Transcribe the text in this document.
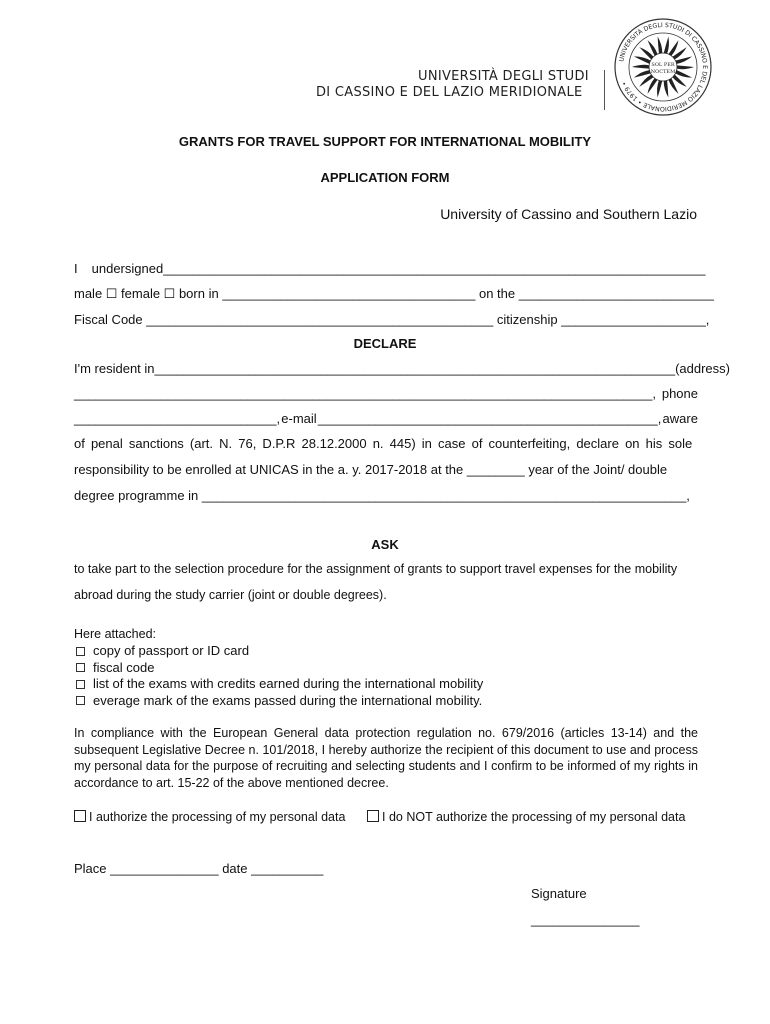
UNIVERSITÀ DEGLI STUDI
DI CASSINO E DEL LAZIO MERIDIONALE
UNIVERSITÀ DEGLI STUDI DI CASSINO E DEL LAZIO MERIDIONALE • 1979 •
SOL PER
NOCTEM
GRANTS FOR TRAVEL SUPPORT FOR INTERNATIONAL MOBILITY
APPLICATION FORM
University of Cassino and Southern Lazio
I undersigned ___________________________________________________________________________
male ☐ female ☐ born in ___________________________________ on the ___________________________
Fiscal Code ________________________________________________ citizenship ____________________,
DECLARE
I'm resident in ________________________________________________________________________ (address)
________________________________________________________________________________, phone
____________________________, e-mail _______________________________________________, aware
of penal sanctions (art. N. 76, D.P.R 28.12.2000 n. 445) in case of counterfeiting, declare on his sole
responsibility to be enrolled at UNICAS in the a. y. 2017-2018 at the ________ year of the Joint/ double
degree programme in ___________________________________________________________________,
ASK
to take part to the selection procedure for the assignment of grants to support travel expenses for the mobility
abroad during the study carrier (joint or double degrees).
Here attached:
copy of passport or ID card
fiscal code
list of the exams with credits earned during the international mobility
everage mark of the exams passed during the international mobility.
In compliance with the European General data protection regulation no. 679/2016 (articles 13-14) and the subsequent Legislative Decree n. 101/2018, I hereby authorize the recipient of this document to use and process my personal data for the purpose of recruiting and selecting students and I confirm to be informed of my rights in accordance to art. 15-22 of the above mentioned decree.
I authorize the processing of my personal data	I do NOT authorize the processing of my personal data
Place _______________ date __________
Signature
_______________
